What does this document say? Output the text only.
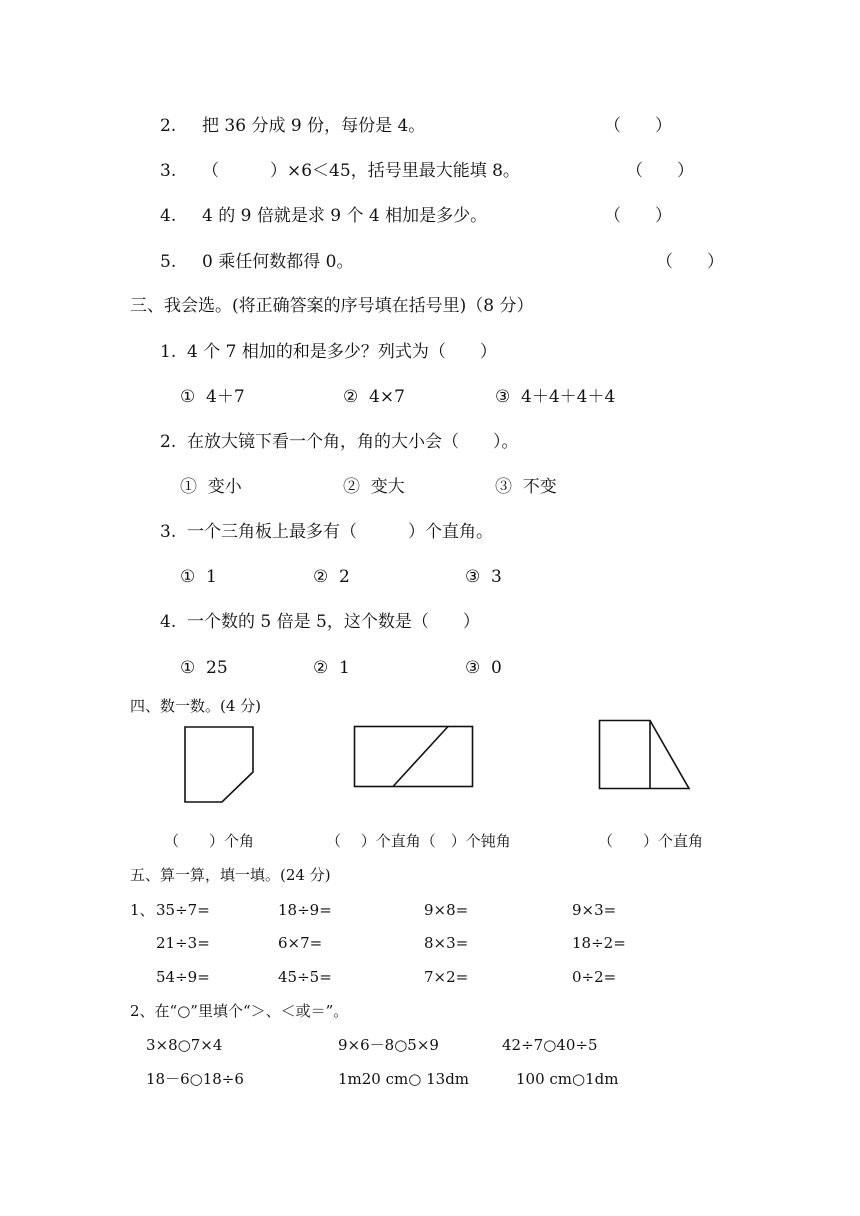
2. 把 36 分成 9 份，每份是 4。	（　　）
3. （　　　）×6＜45，括号里最大能填 8。	（　　）
4. 4 的 9 倍就是求 9 个 4 相加是多少。	（　　）
5. 0 乘任何数都得 0。	（　　）
三、我会选。(将正确答案的序号填在括号里)（8 分）
1.  4 个 7 相加的和是多少？列式为（　　）
①  4＋7	②  4×7	③  4＋4＋4＋4
2.  在放大镜下看一个角，角的大小会（　　）。
①  变小	②  变大	③  不变
3.  一个三角板上最多有（　　　）个直角。
①  1	②  2	③  3
4.  一个数的 5 倍是 5，这个数是（　　）
①  25	②  1	③  0
四、数一数。(4 分)
（　　）个角	（　 ）个直角（　）个钝角	（　　）个直角
五、算一算，填一填。(24 分)
1、 35÷7=	18÷9=	9×8=	9×3=
21÷3=	6×7=	8×3=	18÷2=
54÷9=	45÷5=	7×2=	0÷2=
2、在“○”里填个“＞、＜或＝”。
3×8○7×4	9×6－8○5×9	42÷7○40÷5
18－6○18÷6	1m20 cm○ 13dm	100 cm○1dm
